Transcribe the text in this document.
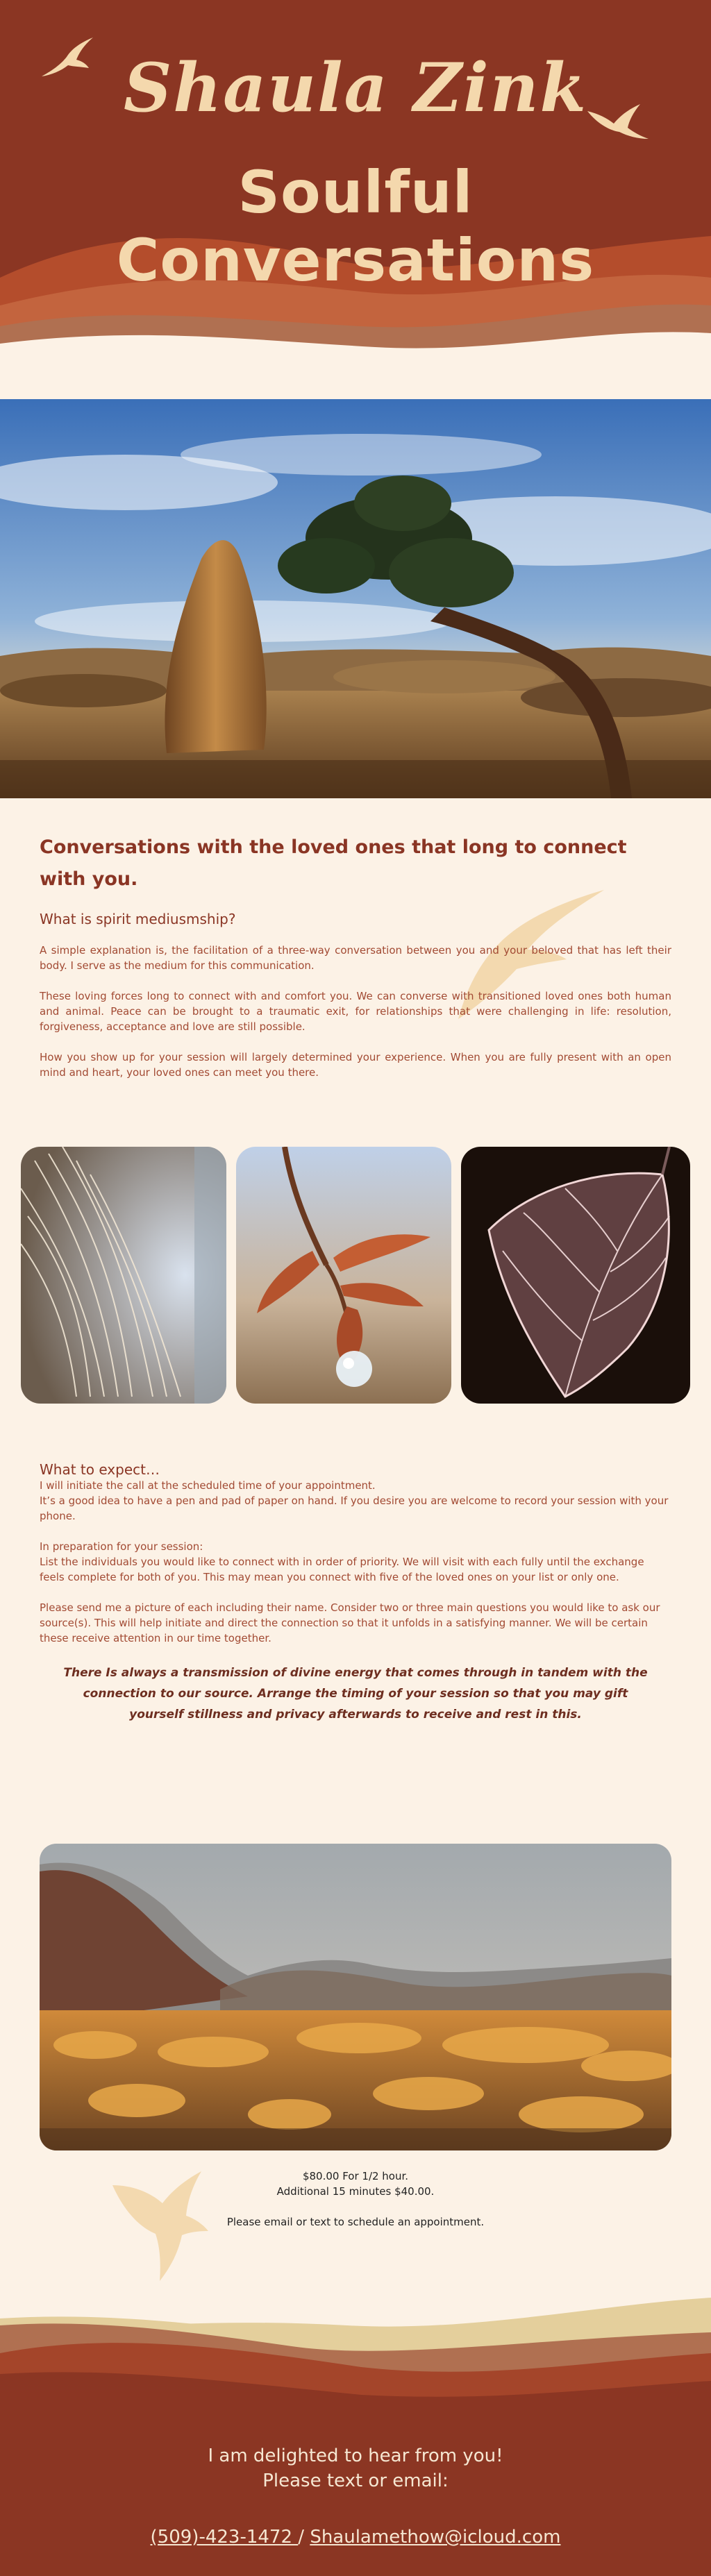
Shaula Zink
Soulful Conversations
Conversations with the loved ones that long to connect with you.
What is spirit mediusmship?

A simple explanation is, the facilitation of a three-way conversation between you and your beloved that has left their body. I serve as the medium for this communication.

These loving forces long to connect with and comfort you. We can converse with transitioned loved ones both human and animal. Peace can be brought to a traumatic exit, for relationships that were challenging in life: resolution, forgiveness, acceptance and love are still possible.

How you show up for your session will largely determined your experience. When you are fully present with an open mind and heart, your loved ones can meet you there.

What to expect…

I will initiate the call at the scheduled time of your appointment.

It’s a good idea to have a pen and pad of paper on hand. If you desire you are welcome to record your session with your phone.

In preparation for your session:

List the individuals you would like to connect with in order of priority. We will visit with each fully until the exchange feels complete for both of you. This may mean you connect with five of the loved ones on your list or only one.

Please send me a picture of each including their name. Consider two or three main questions you would like to ask our source(s). This will help initiate and direct the connection so that it unfolds in a satisfying manner. We will be certain these receive attention in our time together.

There Is always a transmission of divine energy that comes through in tandem with the connection to our source. Arrange the timing of your session so that you may gift yourself stillness and privacy afterwards to receive and rest in this.
$80.00 For 1/2 hour.
Additional 15 minutes $40.00.
Please email or text to schedule an appointment.
I am delighted to hear from you!
Please text or email:
(509)-423-1472 / Shaulamethow@icloud.com
